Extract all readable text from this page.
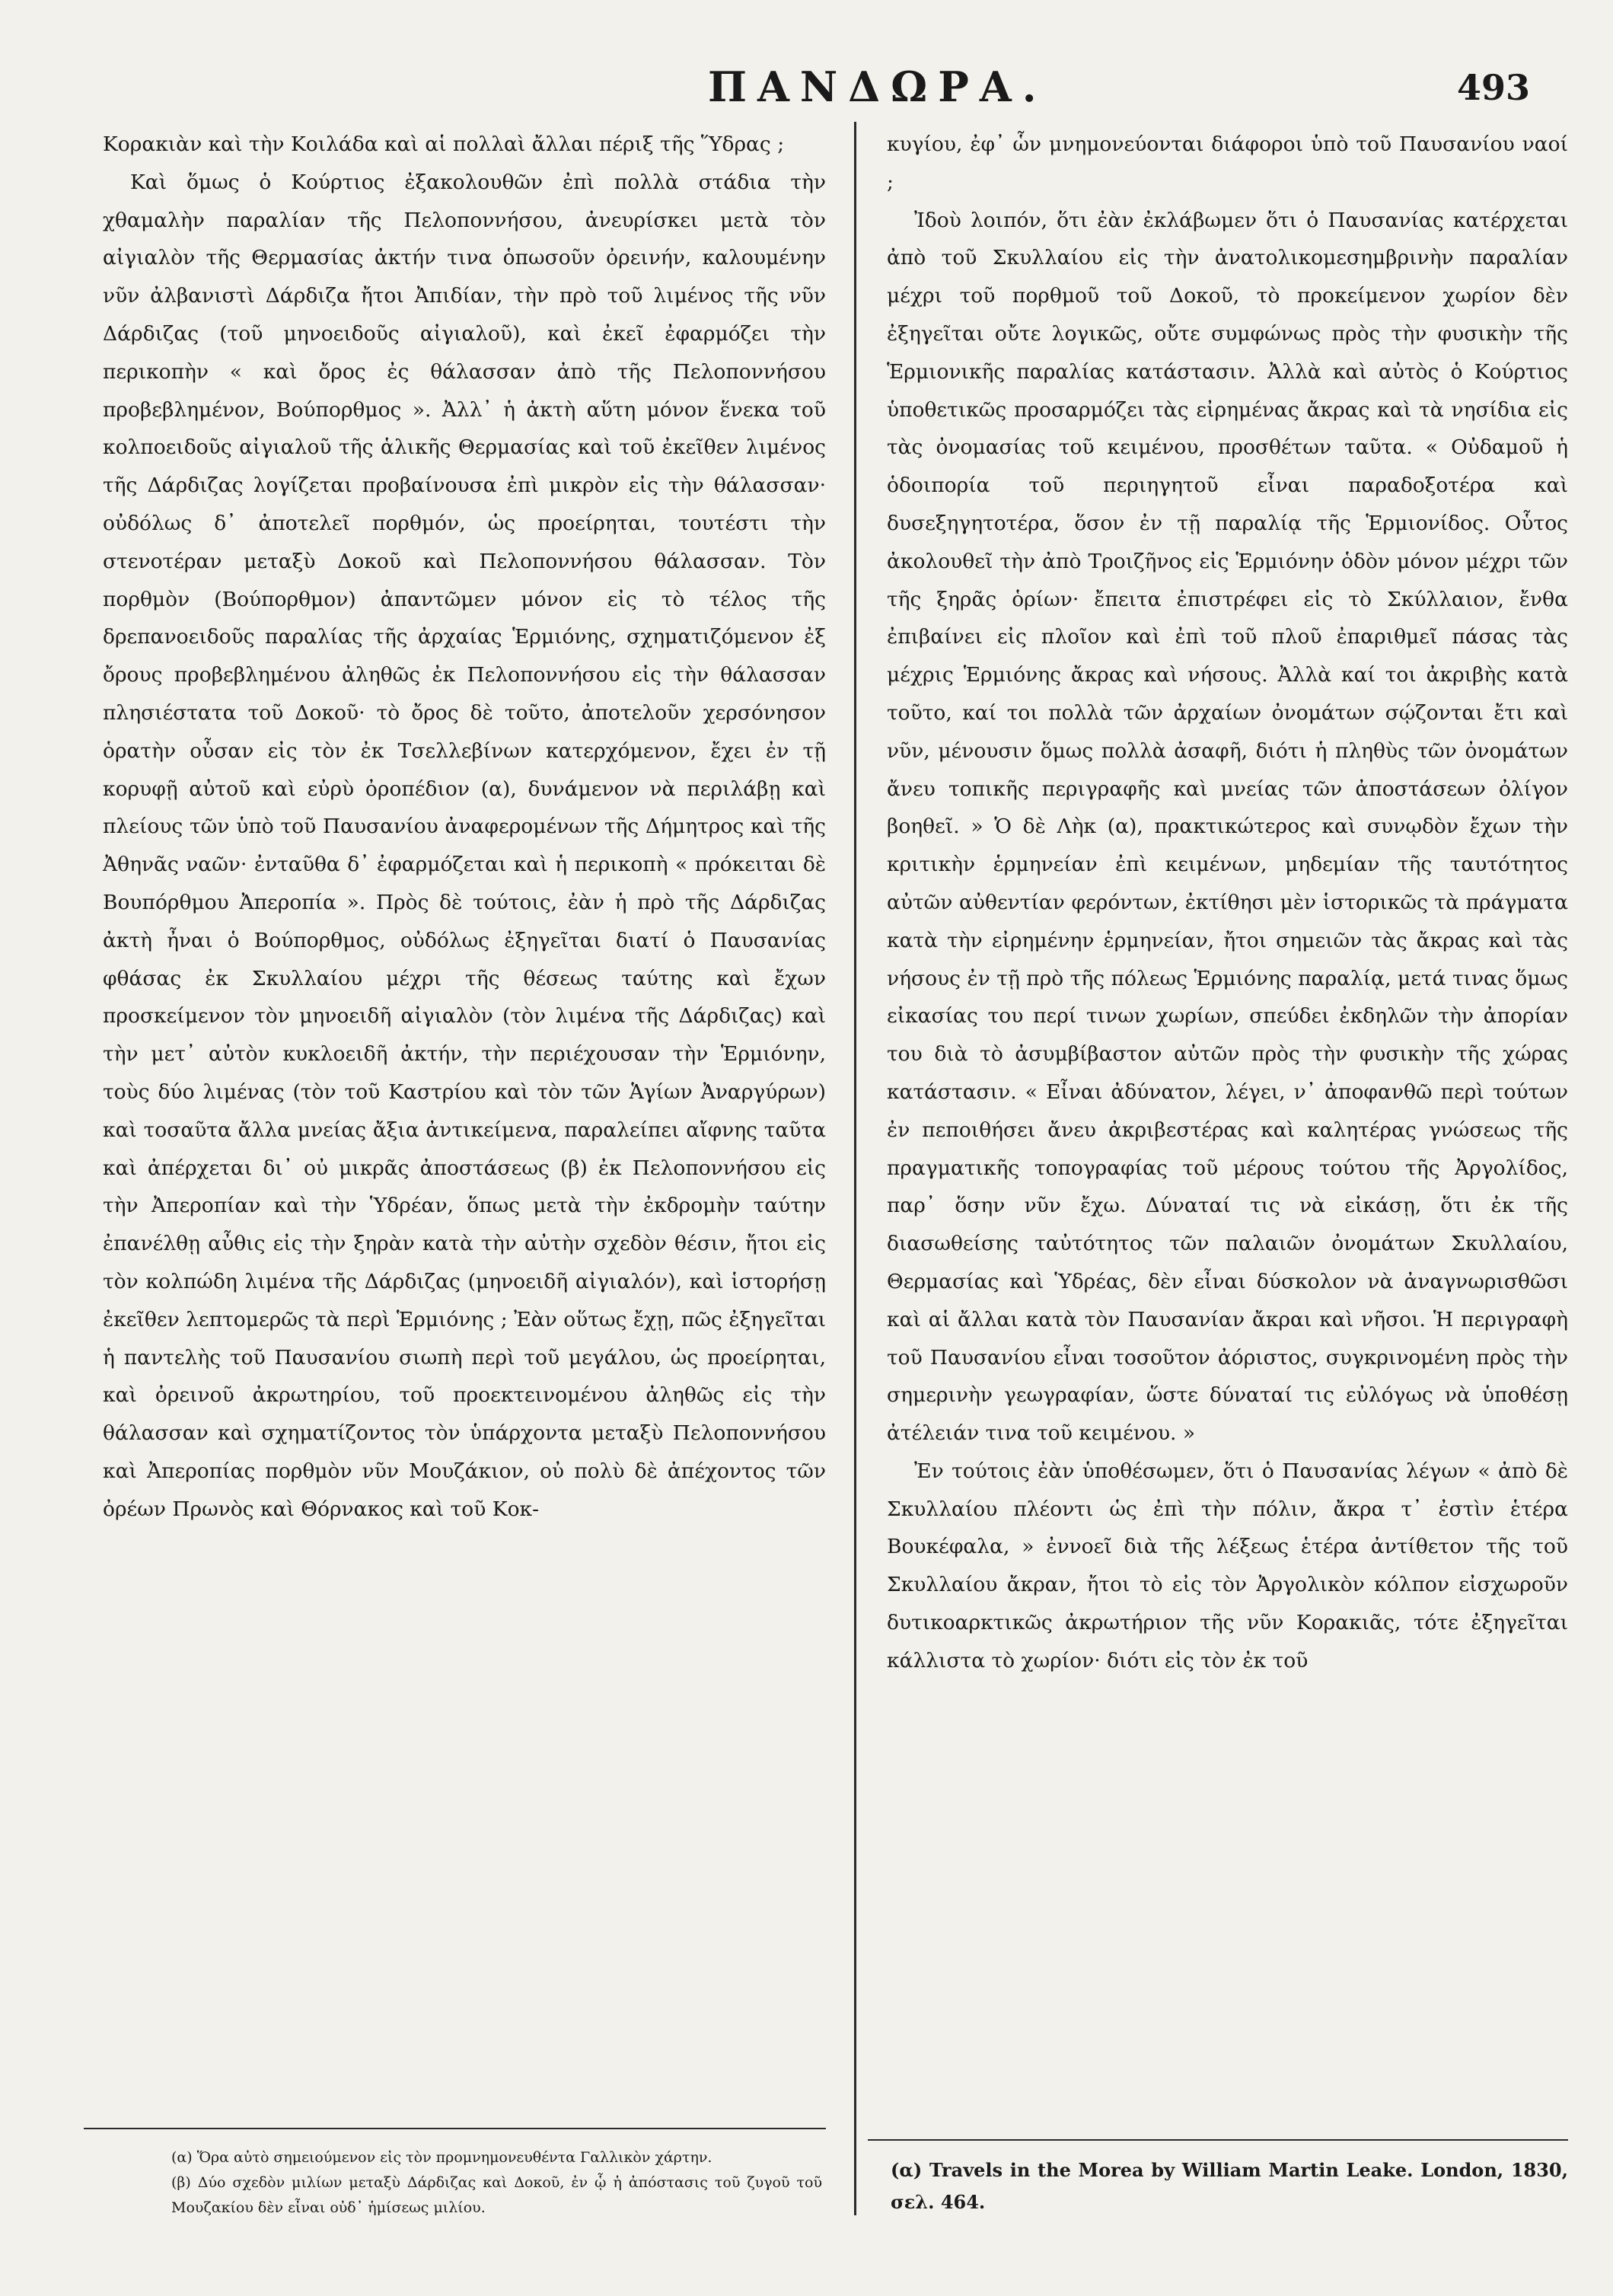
ΠΑΝΔΩΡΑ.	493

Κορακιὰν καὶ τὴν Κοιλάδα καὶ αἱ πολλαὶ ἄλλαι πέριξ τῆς Ὕδρας ;

Καὶ ὅμως ὁ Κούρτιος ἐξακολουθῶν ἐπὶ πολλὰ στάδια τὴν χθαμαλὴν παραλίαν τῆς Πελοποννήσου, ἀνευρίσκει μετὰ τὸν αἰγιαλὸν τῆς Θερμασίας ἀκτήν τινα ὁπωσοῦν ὀρεινήν, καλουμένην νῦν ἀλβανιστὶ Δάρδιζα ἤτοι Ἀπιδίαν, τὴν πρὸ τοῦ λιμένος τῆς νῦν Δάρδιζας (τοῦ μηνοειδοῦς αἰγιαλοῦ), καὶ ἐκεῖ ἐφαρμόζει τὴν περικοπὴν « καὶ ὄρος ἐς θάλασσαν ἀπὸ τῆς Πελοποννήσου προβεβλημένον, Βούπορθμος ». Ἀλλ᾽ ἡ ἀκτὴ αὕτη μόνον ἕνεκα τοῦ κολποειδοῦς αἰγιαλοῦ τῆς ἁλικῆς Θερμασίας καὶ τοῦ ἐκεῖθεν λιμένος τῆς Δάρδιζας λογίζεται προβαίνουσα ἐπὶ μικρὸν εἰς τὴν θάλασσαν· οὐδόλως δ᾽ ἀποτελεῖ πορθμόν, ὡς προείρηται, τουτέστι τὴν στενοτέραν μεταξὺ Δοκοῦ καὶ Πελοποννήσου θάλασσαν. Τὸν πορθμὸν (Βούπορθμον) ἀπαντῶμεν μόνον εἰς τὸ τέλος τῆς δρεπανοειδοῦς παραλίας τῆς ἀρχαίας Ἑρμιόνης, σχηματιζόμενον ἐξ ὄρους προβεβλημένου ἀληθῶς ἐκ Πελοποννήσου εἰς τὴν θάλασσαν πλησιέστατα τοῦ Δοκοῦ· τὸ ὄρος δὲ τοῦτο, ἀποτελοῦν χερσόνησον ὁρατὴν οὖσαν εἰς τὸν ἐκ Τσελλεβίνων κατερχόμενον, ἔχει ἐν τῇ κορυφῇ αὐτοῦ καὶ εὐρὺ ὀροπέδιον (α), δυνάμενον νὰ περιλάβῃ καὶ πλείους τῶν ὑπὸ τοῦ Παυσανίου ἀναφερομένων τῆς Δήμητρος καὶ τῆς Ἀθηνᾶς ναῶν· ἐνταῦθα δ᾽ ἐφαρμόζεται καὶ ἡ περικοπὴ « πρόκειται δὲ Βουπόρθμου Ἀπεροπία ». Πρὸς δὲ τούτοις, ἐὰν ἡ πρὸ τῆς Δάρδιζας ἀκτὴ ἦναι ὁ Βούπορθμος, οὐδόλως ἐξηγεῖται διατί ὁ Παυσανίας φθάσας ἐκ Σκυλλαίου μέχρι τῆς θέσεως ταύτης καὶ ἔχων προσκείμενον τὸν μηνοειδῆ αἰγιαλὸν (τὸν λιμένα τῆς Δάρδιζας) καὶ τὴν μετ᾽ αὐτὸν κυκλοειδῆ ἀκτήν, τὴν περιέχουσαν τὴν Ἑρμιόνην, τοὺς δύο λιμένας (τὸν τοῦ Καστρίου καὶ τὸν τῶν Ἁγίων Ἀναργύρων) καὶ τοσαῦτα ἄλλα μνείας ἄξια ἀντικείμενα, παραλείπει αἴφνης ταῦτα καὶ ἀπέρχεται δι᾽ οὐ μικρᾶς ἀποστάσεως (β) ἐκ Πελοποννήσου εἰς τὴν Ἀπεροπίαν καὶ τὴν Ὑδρέαν, ὅπως μετὰ τὴν ἐκδρομὴν ταύτην ἐπανέλθῃ αὖθις εἰς τὴν ξηρὰν κατὰ τὴν αὐτὴν σχεδὸν θέσιν, ἤτοι εἰς τὸν κολπώδη λιμένα τῆς Δάρδιζας (μηνοειδῆ αἰγιαλόν), καὶ ἱστορήσῃ ἐκεῖθεν λεπτομερῶς τὰ περὶ Ἑρμιόνης ; Ἐὰν οὕτως ἔχῃ, πῶς ἐξηγεῖται ἡ παντελὴς τοῦ Παυσανίου σιωπὴ περὶ τοῦ μεγάλου, ὡς προείρηται, καὶ ὀρεινοῦ ἀκρωτηρίου, τοῦ προεκτεινομένου ἀληθῶς εἰς τὴν θάλασσαν καὶ σχηματίζοντος τὸν ὑπάρχοντα μεταξὺ Πελοποννήσου καὶ Ἀπεροπίας πορθμὸν νῦν Μουζάκιον, οὐ πολὺ δὲ ἀπέχοντος τῶν ὀρέων Πρωνὸς καὶ Θόρνακος καὶ τοῦ Κοκ-

κυγίου, ἐφ᾽ ὧν μνημονεύονται διάφοροι ὑπὸ τοῦ Παυσανίου ναοί ;

Ἰδοὺ λοιπόν, ὅτι ἐὰν ἐκλάβωμεν ὅτι ὁ Παυσανίας κατέρχεται ἀπὸ τοῦ Σκυλλαίου εἰς τὴν ἀνατολικομεσημβρινὴν παραλίαν μέχρι τοῦ πορθμοῦ τοῦ Δοκοῦ, τὸ προκείμενον χωρίον δὲν ἐξηγεῖται οὔτε λογικῶς, οὔτε συμφώνως πρὸς τὴν φυσικὴν τῆς Ἑρμιονικῆς παραλίας κατάστασιν. Ἀλλὰ καὶ αὐτὸς ὁ Κούρτιος ὑποθετικῶς προσαρμόζει τὰς εἰρημένας ἄκρας καὶ τὰ νησίδια εἰς τὰς ὀνομασίας τοῦ κειμένου, προσθέτων ταῦτα. « Οὐδαμοῦ ἡ ὁδοιπορία τοῦ περιηγητοῦ εἶναι παραδοξοτέρα καὶ δυσεξηγητοτέρα, ὅσον ἐν τῇ παραλίᾳ τῆς Ἑρμιονίδος. Οὗτος ἀκολουθεῖ τὴν ἀπὸ Τροιζῆνος εἰς Ἑρμιόνην ὁδὸν μόνον μέχρι τῶν τῆς ξηρᾶς ὁρίων· ἔπειτα ἐπιστρέφει εἰς τὸ Σκύλλαιον, ἔνθα ἐπιβαίνει εἰς πλοῖον καὶ ἐπὶ τοῦ πλοῦ ἐπαριθμεῖ πάσας τὰς μέχρις Ἑρμιόνης ἄκρας καὶ νήσους. Ἀλλὰ καί τοι ἀκριβὴς κατὰ τοῦτο, καί τοι πολλὰ τῶν ἀρχαίων ὀνομάτων σῴζονται ἔτι καὶ νῦν, μένουσιν ὅμως πολλὰ ἀσαφῆ, διότι ἡ πληθὺς τῶν ὀνομάτων ἄνευ τοπικῆς περιγραφῆς καὶ μνείας τῶν ἀποστάσεων ὀλίγον βοηθεῖ. » Ὁ δὲ Λὴκ (α), πρακτικώτερος καὶ συνῳδὸν ἔχων τὴν κριτικὴν ἑρμηνείαν ἐπὶ κειμένων, μηδεμίαν τῆς ταυτότητος αὐτῶν αὐθεντίαν φερόντων, ἐκτίθησι μὲν ἱστορικῶς τὰ πράγματα κατὰ τὴν εἰρημένην ἑρμηνείαν, ἤτοι σημειῶν τὰς ἄκρας καὶ τὰς νήσους ἐν τῇ πρὸ τῆς πόλεως Ἑρμιόνης παραλίᾳ, μετά τινας ὅμως εἰκασίας του περί τινων χωρίων, σπεύδει ἐκδηλῶν τὴν ἀπορίαν του διὰ τὸ ἀσυμβίβαστον αὐτῶν πρὸς τὴν φυσικὴν τῆς χώρας κατάστασιν. « Εἶναι ἀδύνατον, λέγει, ν᾽ ἀποφανθῶ περὶ τούτων ἐν πεποιθήσει ἄνευ ἀκριβεστέρας καὶ καλητέρας γνώσεως τῆς πραγματικῆς τοπογραφίας τοῦ μέρους τούτου τῆς Ἀργολίδος, παρ᾽ ὅσην νῦν ἔχω. Δύναταί τις νὰ εἰκάσῃ, ὅτι ἐκ τῆς διασωθείσης ταὐτότητος τῶν παλαιῶν ὀνομάτων Σκυλλαίου, Θερμασίας καὶ Ὑδρέας, δὲν εἶναι δύσκολον νὰ ἀναγνωρισθῶσι καὶ αἱ ἄλλαι κατὰ τὸν Παυσανίαν ἄκραι καὶ νῆσοι. Ἡ περιγραφὴ τοῦ Παυσανίου εἶναι τοσοῦτον ἀόριστος, συγκρινομένη πρὸς τὴν σημερινὴν γεωγραφίαν, ὥστε δύναταί τις εὐλόγως νὰ ὑποθέσῃ ἀτέλειάν τινα τοῦ κειμένου. »

Ἐν τούτοις ἐὰν ὑποθέσωμεν, ὅτι ὁ Παυσανίας λέγων « ἀπὸ δὲ Σκυλλαίου πλέοντι ὡς ἐπὶ τὴν πόλιν, ἄκρα τ᾽ ἐστὶν ἑτέρα Βουκέφαλα, » ἐννοεῖ διὰ τῆς λέξεως ἑτέρα ἀντίθετον τῆς τοῦ Σκυλλαίου ἄκραν, ἤτοι τὸ εἰς τὸν Ἀργολικὸν κόλπον εἰσχωροῦν δυτικοαρκτικῶς ἀκρωτήριον τῆς νῦν Κορακιᾶς, τότε ἐξηγεῖται κάλλιστα τὸ χωρίον· διότι εἰς τὸν ἐκ τοῦ

(α) Ὅρα αὐτὸ σημειούμενον εἰς τὸν προμνημονευθέντα Γαλλικὸν χάρτην.

(β) Δύο σχεδὸν μιλίων μεταξὺ Δάρδιζας καὶ Δοκοῦ, ἐν ᾧ ἡ ἀπόστασις τοῦ ζυγοῦ τοῦ Μουζακίου δὲν εἶναι οὐδ᾽ ἡμίσεως μιλίου.

(α) Travels in the Morea by William Martin Leake. London, 1830, σελ. 464.
